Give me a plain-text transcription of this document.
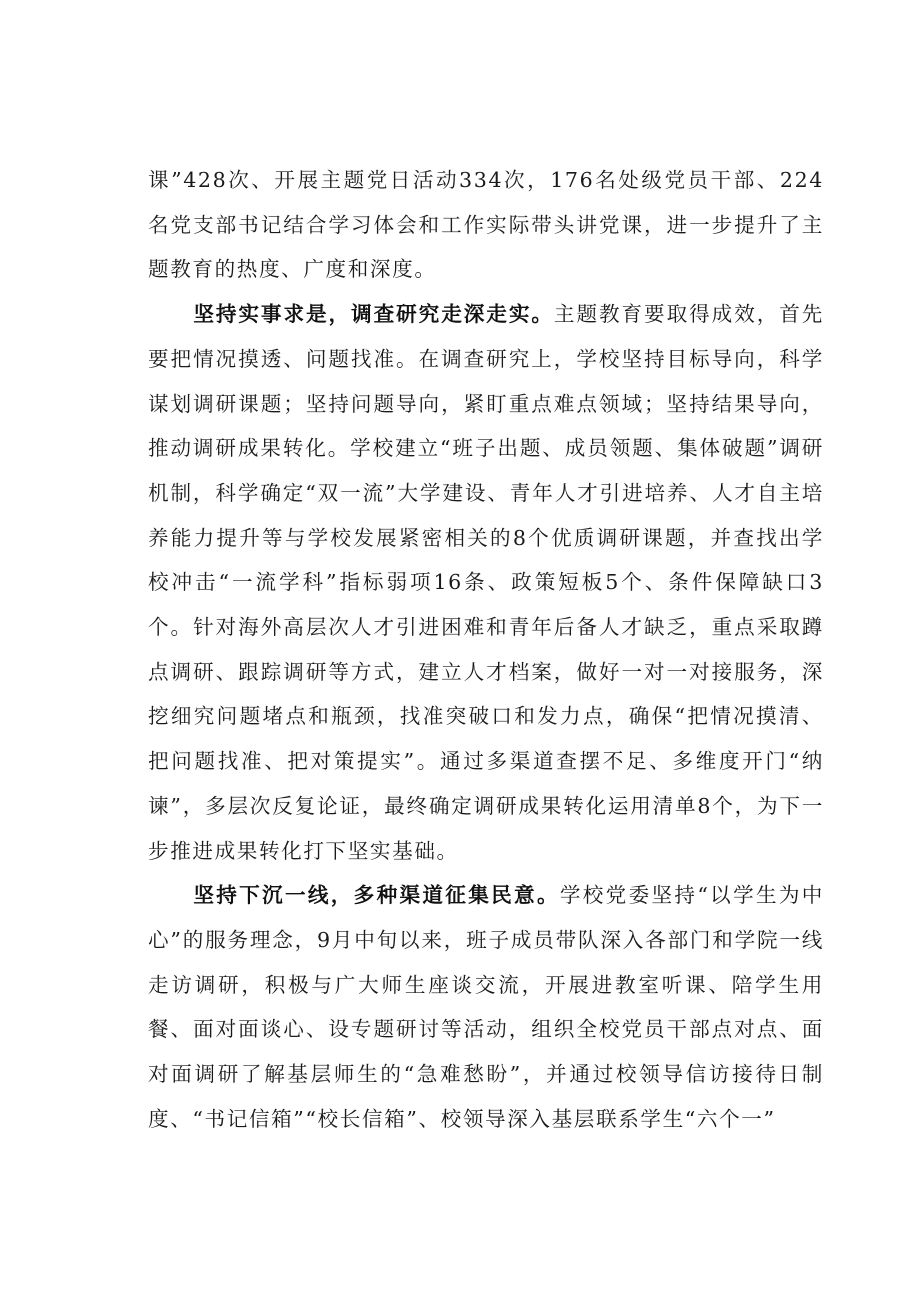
课”428次、开展主题党日活动334次，176名处级党员干部、224名党支部书记结合学习体会和工作实际带头讲党课，进一步提升了主题教育的热度、广度和深度。

坚持实事求是，调查研究走深走实。主题教育要取得成效，首先要把情况摸透、问题找准。在调查研究上，学校坚持目标导向，科学谋划调研课题；坚持问题导向，紧盯重点难点领域；坚持结果导向，推动调研成果转化。学校建立“班子出题、成员领题、集体破题”调研机制，科学确定“双一流”大学建设、青年人才引进培养、人才自主培养能力提升等与学校发展紧密相关的8个优质调研课题，并查找出学校冲击“一流学科”指标弱项16条、政策短板5个、条件保障缺口3个。针对海外高层次人才引进困难和青年后备人才缺乏，重点采取蹲点调研、跟踪调研等方式，建立人才档案，做好一对一对接服务，深挖细究问题堵点和瓶颈，找准突破口和发力点，确保“把情况摸清、把问题找准、把对策提实”。通过多渠道查摆不足、多维度开门“纳谏”，多层次反复论证，最终确定调研成果转化运用清单8个，为下一步推进成果转化打下坚实基础。

坚持下沉一线，多种渠道征集民意。学校党委坚持“以学生为中心”的服务理念，9月中旬以来，班子成员带队深入各部门和学院一线走访调研，积极与广大师生座谈交流，开展进教室听课、陪学生用餐、面对面谈心、设专题研讨等活动，组织全校党员干部点对点、面对面调研了解基层师生的“急难愁盼”，并通过校领导信访接待日制度、“书记信箱”“校长信箱”、校领导深入基层联系学生“六个一”
